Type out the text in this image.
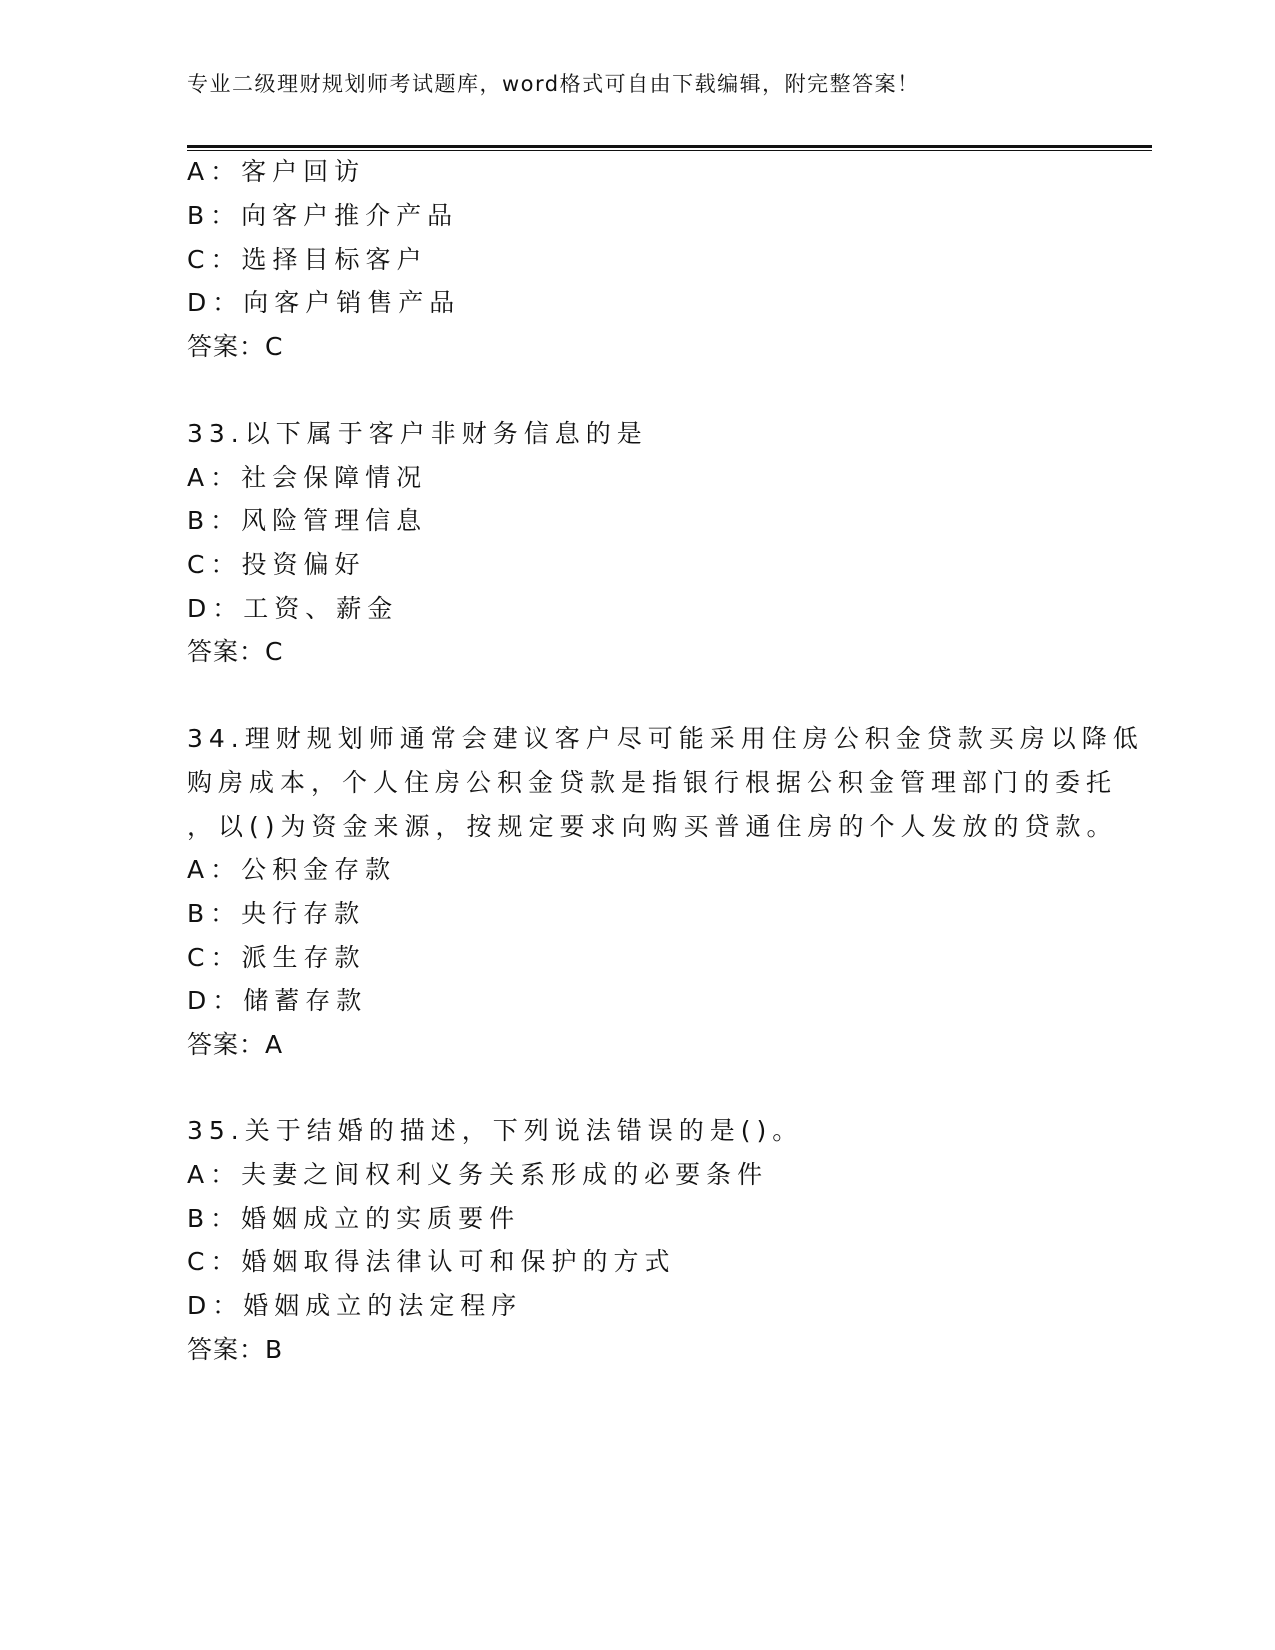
专业二级理财规划师考试题库，word格式可自由下载编辑，附完整答案！
A：客户回访
B：向客户推介产品
C：选择目标客户
D：向客户销售产品
答案：C
33.以下属于客户非财务信息的是
A：社会保障情况
B：风险管理信息
C：投资偏好
D：工资、薪金
答案：C
34.理财规划师通常会建议客户尽可能采用住房公积金贷款买房以降低
购房成本，个人住房公积金贷款是指银行根据公积金管理部门的委托
，以()为资金来源，按规定要求向购买普通住房的个人发放的贷款。
A：公积金存款
B：央行存款
C：派生存款
D：储蓄存款
答案：A
35.关于结婚的描述，下列说法错误的是()。
A：夫妻之间权利义务关系形成的必要条件
B：婚姻成立的实质要件
C：婚姻取得法律认可和保护的方式
D：婚姻成立的法定程序
答案：B
